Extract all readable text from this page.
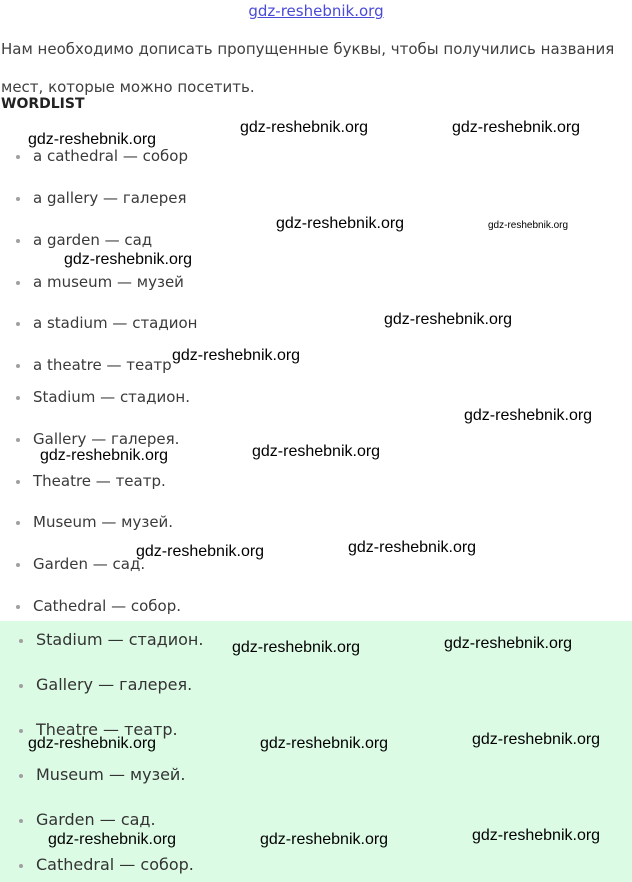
gdz-reshebnik.org
Нам необходимо дописать пропущенные буквы, чтобы получились названия мест, которые можно посетить.
WORDLIST
a cathedral — собор
a gallery — галерея
a garden — сад
a museum — музей
a stadium — стадион
a theatre — театр
Stadium — стадион.
Gallery — галерея.
Theatre — театр.
Museum — музей.
Garden — сад.
Cathedral — собор.
Stadium — стадион.
Gallery — галерея.
Theatre — театр.
Museum — музей.
Garden — сад.
Cathedral — собор.
gdz-reshebnik.org
gdz-reshebnik.org	gdz-reshebnik.org
gdz-reshebnik.org	gdz-reshebnik.org
gdz-reshebnik.org
gdz-reshebnik.org
gdz-reshebnik.org
gdz-reshebnik.org
gdz-reshebnik.org	gdz-reshebnik.org
gdz-reshebnik.org	gdz-reshebnik.org
gdz-reshebnik.org	gdz-reshebnik.org
gdz-reshebnik.org	gdz-reshebnik.org	gdz-reshebnik.org
gdz-reshebnik.org	gdz-reshebnik.org	gdz-reshebnik.org
